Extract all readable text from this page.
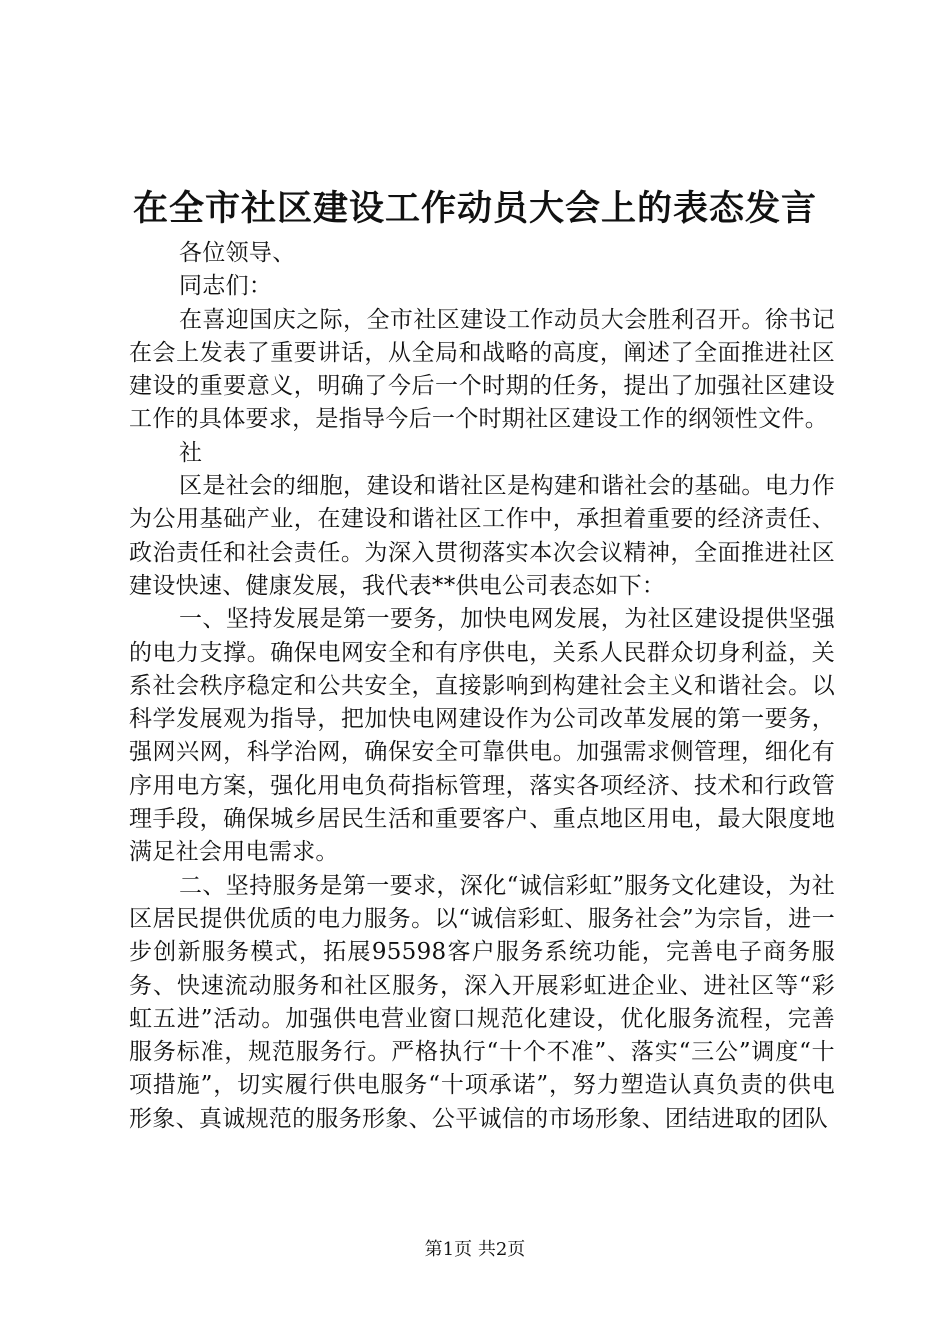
在全市社区建设工作动员大会上的表态发言

各位领导、

同志们：

在喜迎国庆之际，全市社区建设工作动员大会胜利召开。徐书记在会上发表了重要讲话，从全局和战略的高度，阐述了全面推进社区建设的重要意义，明确了今后一个时期的任务，提出了加强社区建设工作的具体要求，是指导今后一个时期社区建设工作的纲领性文件。

社

区是社会的细胞，建设和谐社区是构建和谐社会的基础。电力作为公用基础产业，在建设和谐社区工作中，承担着重要的经济责任、政治责任和社会责任。为深入贯彻落实本次会议精神，全面推进社区建设快速、健康发展，我代表**供电公司表态如下：

一、坚持发展是第一要务，加快电网发展，为社区建设提供坚强的电力支撑。确保电网安全和有序供电，关系人民群众切身利益，关系社会秩序稳定和公共安全，直接影响到构建社会主义和谐社会。以科学发展观为指导，把加快电网建设作为公司改革发展的第一要务，强网兴网，科学治网，确保安全可靠供电。加强需求侧管理，细化有序用电方案，强化用电负荷指标管理，落实各项经济、技术和行政管理手段，确保城乡居民生活和重要客户、重点地区用电，最大限度地满足社会用电需求。

二、坚持服务是第一要求，深化“诚信彩虹”服务文化建设，为社区居民提供优质的电力服务。以“诚信彩虹、服务社会”为宗旨，进一步创新服务模式，拓展95598客户服务系统功能，完善电子商务服务、快速流动服务和社区服务，深入开展彩虹进企业、进社区等“彩虹五进”活动。加强供电营业窗口规范化建设，优化服务流程，完善服务标准，规范服务行。严格执行“十个不准”、落实“三公”调度“十项措施”，切实履行供电服务“十项承诺”，努力塑造认真负责的供电形象、真诚规范的服务形象、公平诚信的市场形象、团结进取的团队

第1页 共2页
